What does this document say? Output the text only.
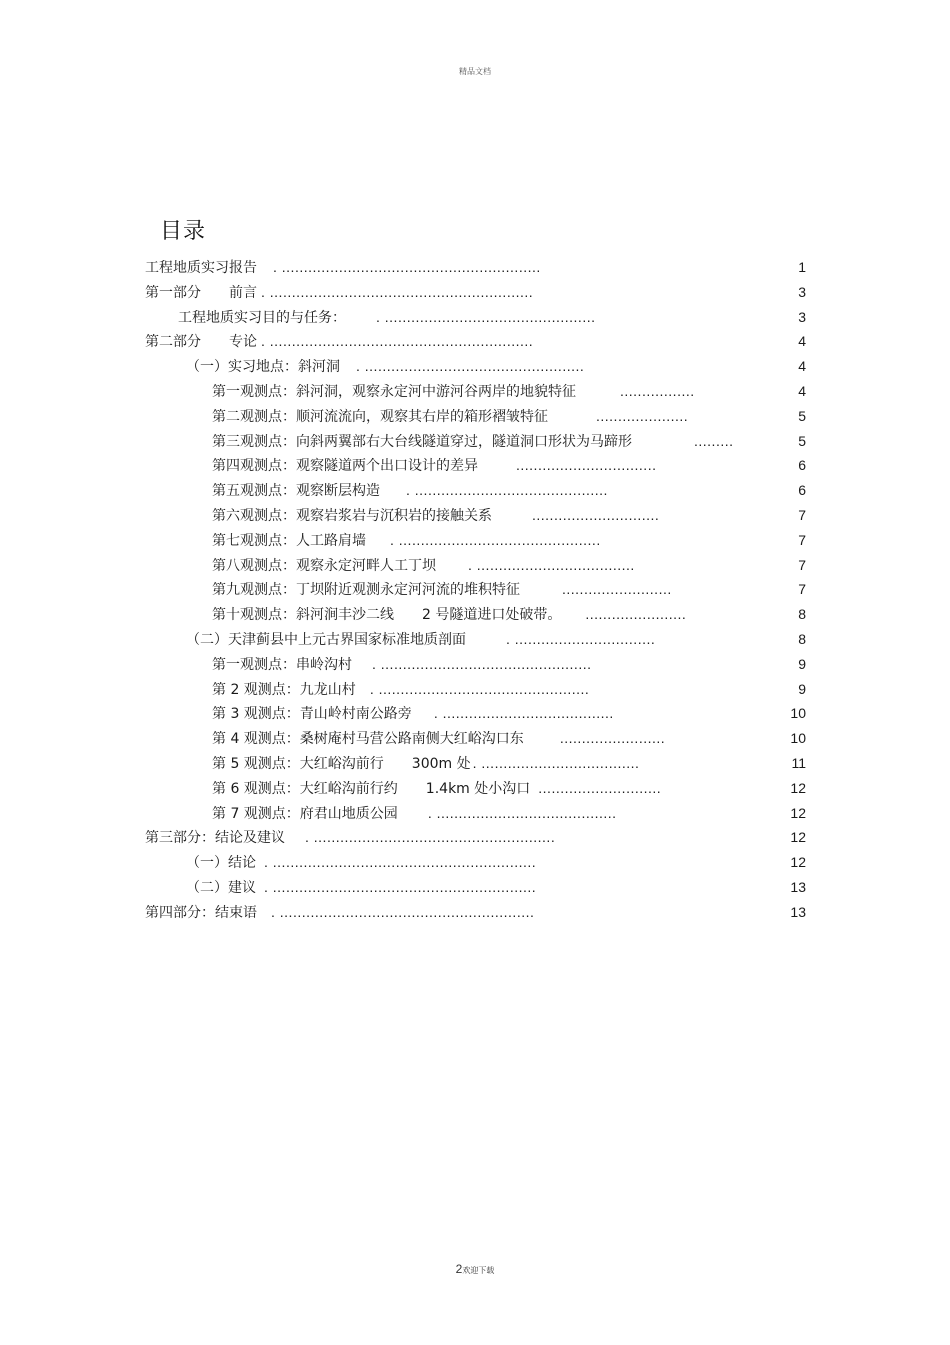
精品文档
目录
工程地质实习报告 . ...........................................................	1
第一部分　　前言 . ............................................................	3
工程地质实习目的与任务： . ................................................	3
第二部分　　专论 . ............................................................	4
（一）实习地点：斜河洞 . ..................................................	4
第一观测点：斜河洞，观察永定河中游河谷两岸的地貌特征	.................	4
第二观测点：顺河流流向，观察其右岸的箱形褶皱特征	.....................	5
第三观测点：向斜两翼部右大台线隧道穿过，隧道洞口形状为马蹄形	.........	5
第四观测点：观察隧道两个出口设计的差异	................................	6
第五观测点：观察断层构造 . ............................................	6
第六观测点：观察岩浆岩与沉积岩的接触关系	.............................	7
第七观测点：人工路肩墙 . ..............................................	7
第八观测点：观察永定河畔人工丁坝 . ....................................	7
第九观测点：丁坝附近观测永定河河流的堆积特征	.........................	7
第十观测点：斜河涧丰沙二线　　2 号隧道进口处破带。 .......................	8
（二）天津蓟县中上元古界国家标准地质剖面	. ................................	8
第一观测点：串岭沟村 . ................................................	9
第 2 观测点：九龙山村 . ................................................	9
第 3 观测点：青山岭村南公路旁 . .......................................	10
第 4 观测点：桑树庵村马营公路南侧大红峪沟口东	........................	10
第 5 观测点：大红峪沟前行　　300m 处 . ....................................	11
第 6 观测点：大红峪沟前行约　　1.4km 处小沟口 ............................	12
第 7 观测点：府君山地质公园 . .........................................	12
第三部分：结论及建议 . .......................................................	12
（一）结论 . ............................................................	12
（二）建议 . ............................................................	13
第四部分：结束语 . ..........................................................	13
2欢迎下载
